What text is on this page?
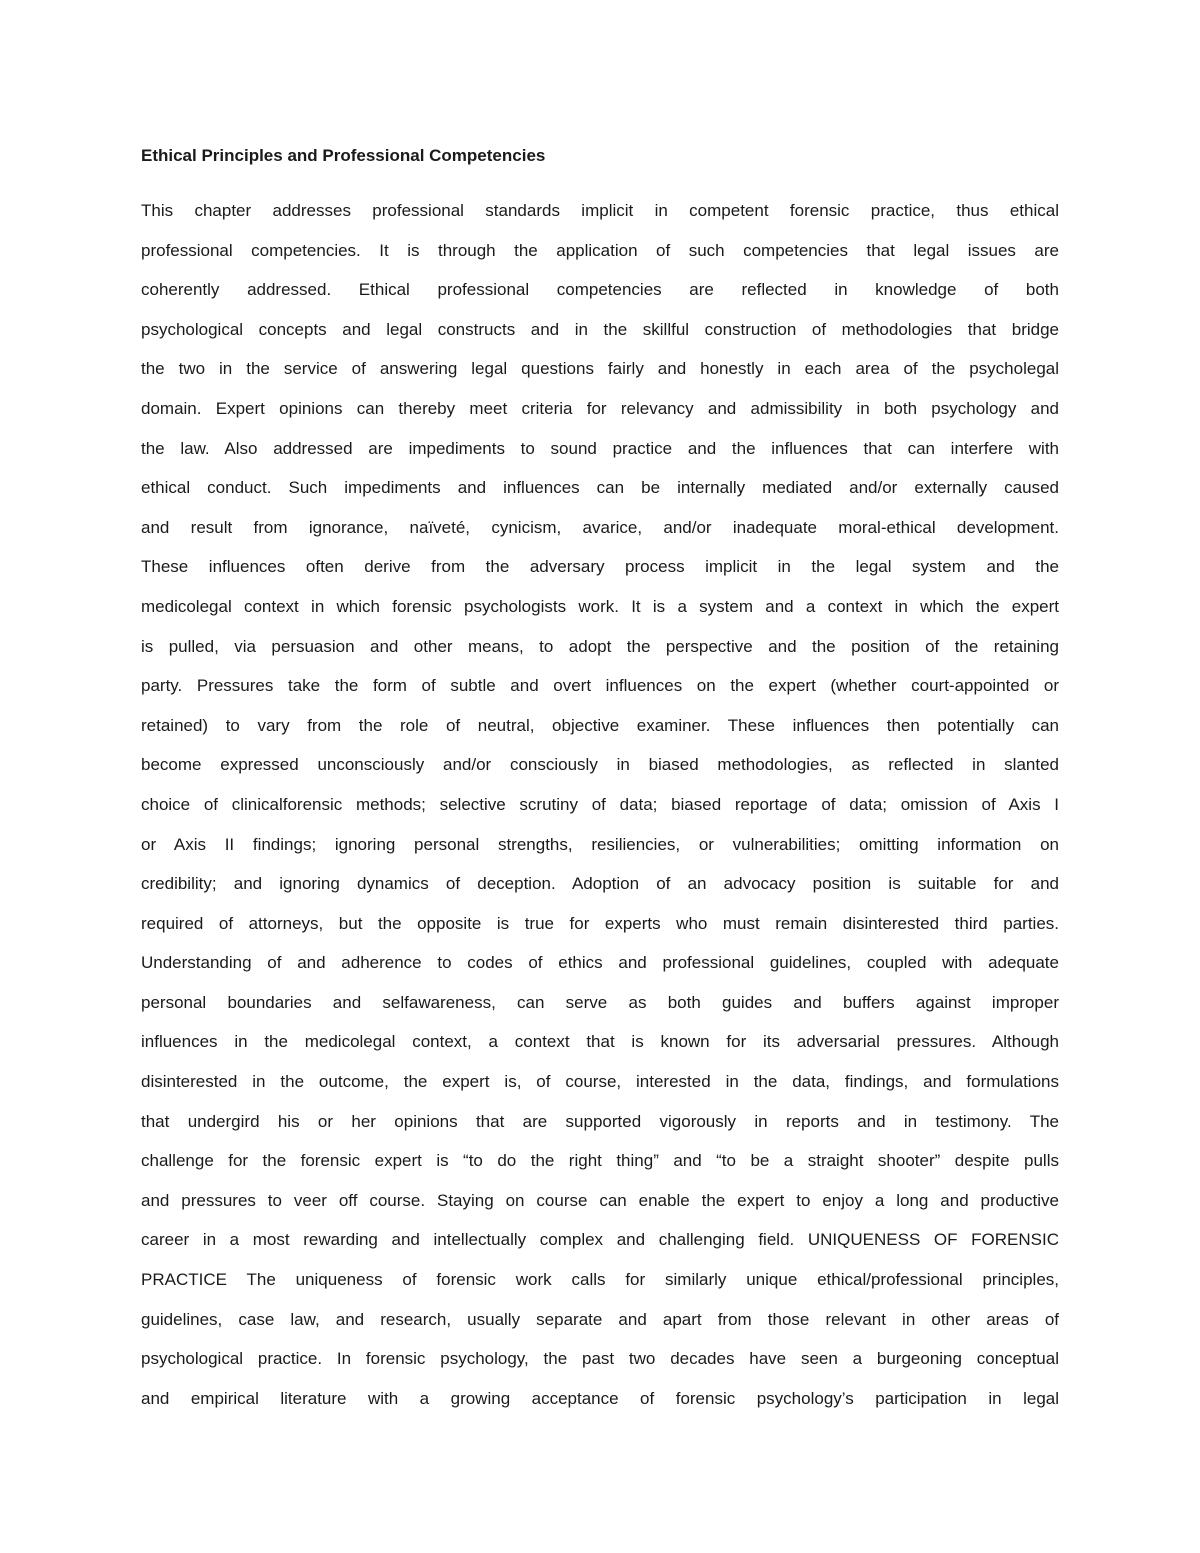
Ethical Principles and Professional Competencies
This chapter addresses professional standards implicit in competent forensic practice, thus ethical
professional competencies. It is through the application of such competencies that legal issues are
coherently addressed. Ethical professional competencies are reflected in knowledge of both
psychological concepts and legal constructs and in the skillful construction of methodologies that bridge
the two in the service of answering legal questions fairly and honestly in each area of the psycholegal
domain. Expert opinions can thereby meet criteria for relevancy and admissibility in both psychology and
the law. Also addressed are impediments to sound practice and the influences that can interfere with
ethical conduct. Such impediments and influences can be internally mediated and/or externally caused
and result from ignorance, naïveté, cynicism, avarice, and/or inadequate moral-ethical development.
These influences often derive from the adversary process implicit in the legal system and the
medicolegal context in which forensic psychologists work. It is a system and a context in which the expert
is pulled, via persuasion and other means, to adopt the perspective and the position of the retaining
party. Pressures take the form of subtle and overt influences on the expert (whether court-appointed or
retained) to vary from the role of neutral, objective examiner. These influences then potentially can
become expressed unconsciously and/or consciously in biased methodologies, as reflected in slanted
choice of clinicalforensic methods; selective scrutiny of data; biased reportage of data; omission of Axis I
or Axis II findings; ignoring personal strengths, resiliencies, or vulnerabilities; omitting information on
credibility; and ignoring dynamics of deception. Adoption of an advocacy position is suitable for and
required of attorneys, but the opposite is true for experts who must remain disinterested third parties.
Understanding of and adherence to codes of ethics and professional guidelines, coupled with adequate
personal boundaries and selfawareness, can serve as both guides and buffers against improper
influences in the medicolegal context, a context that is known for its adversarial pressures. Although
disinterested in the outcome, the expert is, of course, interested in the data, findings, and formulations
that undergird his or her opinions that are supported vigorously in reports and in testimony. The
challenge for the forensic expert is “to do the right thing” and “to be a straight shooter” despite pulls
and pressures to veer off course. Staying on course can enable the expert to enjoy a long and productive
career in a most rewarding and intellectually complex and challenging field. UNIQUENESS OF FORENSIC
PRACTICE The uniqueness of forensic work calls for similarly unique ethical/professional principles,
guidelines, case law, and research, usually separate and apart from those relevant in other areas of
psychological practice. In forensic psychology, the past two decades have seen a burgeoning conceptual
and empirical literature with a growing acceptance of forensic psychology’s participation in legal
